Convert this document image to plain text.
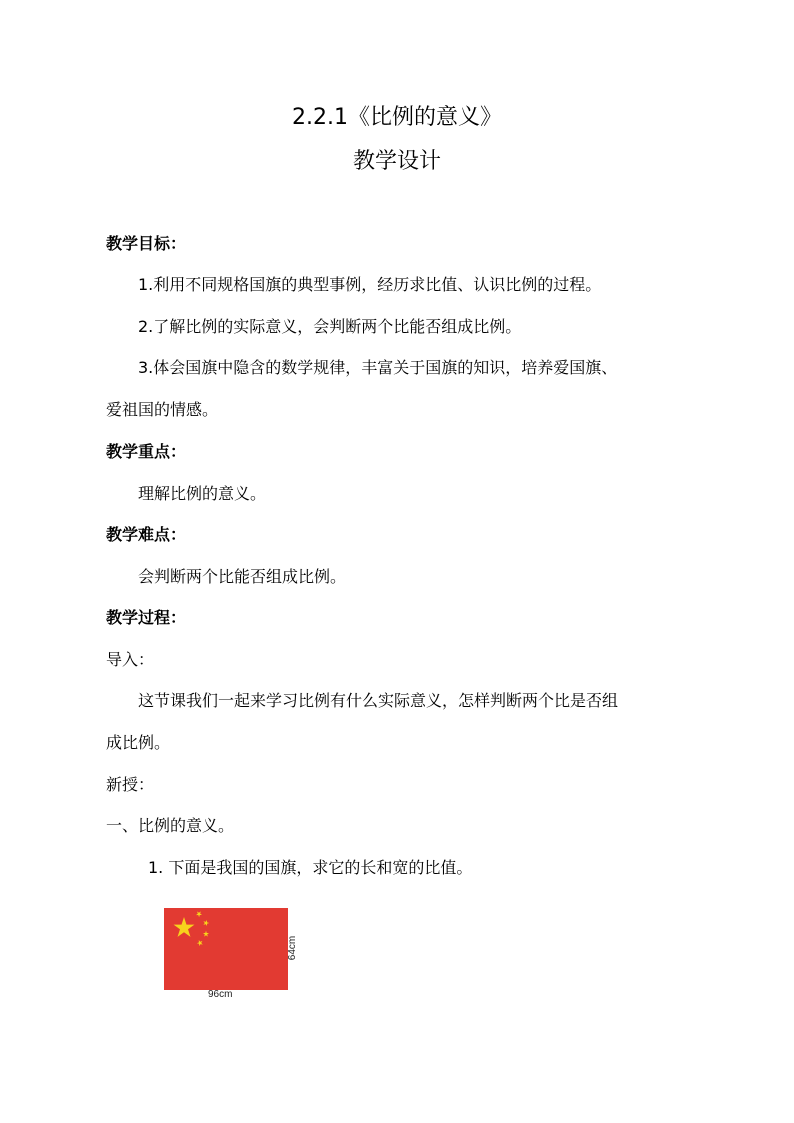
2.2.1《比例的意义》
教学设计
教学目标：
1.利用不同规格国旗的典型事例，经历求比值、认识比例的过程。
2.了解比例的实际意义，会判断两个比能否组成比例。
3.体会国旗中隐含的数学规律，丰富关于国旗的知识，培养爱国旗、
爱祖国的情感。
教学重点：
理解比例的意义。
教学难点：
会判断两个比能否组成比例。
教学过程：
导入：
这节课我们一起来学习比例有什么实际意义，怎样判断两个比是否组
成比例。
新授：
一、比例的意义。
1. 下面是我国的国旗，求它的长和宽的比值。
96cm
64cm
